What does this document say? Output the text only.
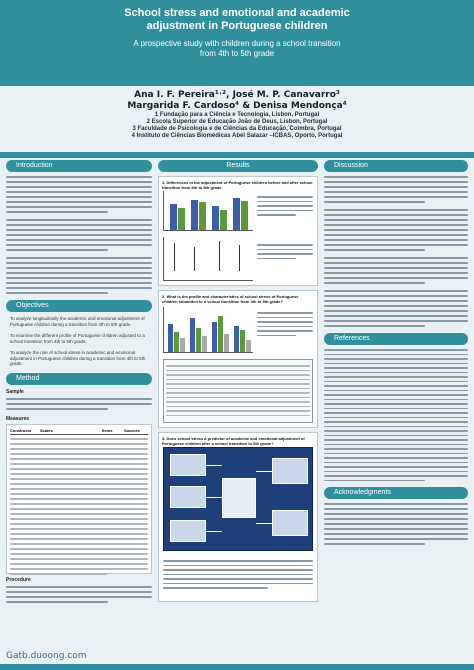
School stress and emotional and academic
adjustment in Portuguese children
A prospective study with children during a school transition
from 4th to 5th grade
Ana I. F. Pereira¹˒², José M. P. Canavarro³
Margarida F. Cardoso⁴ & Denisa Mendonça⁴
1 Fundação para a Ciência e Tecnologia, Lisbon, Portugal
2 Escola Superior de Educação João de Deus, Lisbon, Portugal
3 Faculdade de Psicologia e de Ciências da Educação, Coimbra, Portugal
4 Instituto de Ciências Biomédicas Abel Salazar –ICBAS, Oporto, Portugal
Introduction
Objectives
To analyze longitudinally the academic and emotional adjustment of Portuguese children during a transition from 4th to 5th grade.
To examine the different profile of Portuguese children adjusted to a school transition from 4th to 5th grade.
To analyze the role of school stress in academic and emotional adjustment in Portuguese children during a transition from 4th to 5th grade.
Method
Sample
Measures
Constructs	Scales	Items	Sources
Procedure
Results
1. Differences in the adjustment of Portuguese children before and after school transition from 4th to 5th grade
2. What is the profile and characteristics of school stress of Portuguese children submitted to a school transition from 4th to 5th grade?
3. Does school stress a predictor of academic and emotional adjustment of Portuguese children after a school transition to 5th grade?
Discussion
References
Acknowledgments
Gatb.duoong.com
